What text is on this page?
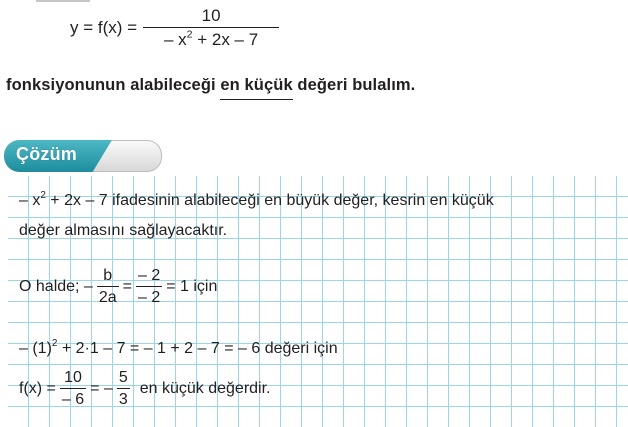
$y = f(x) = \frac{10}{- x^2 + 2x - 7}$
fonksiyonunun alabileceği en küçük değeri bulalım.
Çözüm
– $x^2 + 2x - 7$ ifadesinin alabileceği en büyük değer, kesrin en küçük
değer almasını sağlayacaktır.
O halde; – $\frac{b}{2a} = \frac{- 2}{- 2} = 1$ için
– $(1)^2 + 2\cdot 1 - 7$ = – 1 + 2 – 7 = – 6 değeri için
$f(x) = \frac{10}{- 6}$ = – $\frac{5}{3}$ en küçük değerdir.
